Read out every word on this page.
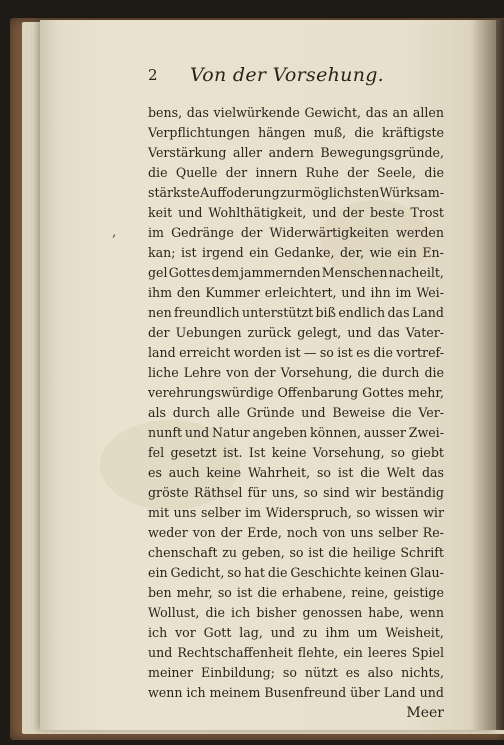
2 Von der Vorsehung.
,
bens, das vielwürkende Gewicht, das an allen
Verpflichtungen hängen muß, die kräftigste
Verstärkung aller andern Bewegungsgründe,
die Quelle der innern Ruhe der Seele, die
stärkste Auffoderung zur möglichsten Würksam-
keit und Wohlthätigkeit, und der beste Trost
im Gedränge der Widerwärtigkeiten werden
kan; ist irgend ein Gedanke, der, wie ein En-
gel Gottes dem jammernden Menschen nacheilt,
ihm den Kummer erleichtert, und ihn im Wei-
nen freundlich unterstützt biß endlich das Land
der Uebungen zurück gelegt, und das Vater-
land erreicht worden ist — so ist es die vortref-
liche Lehre von der Vorsehung, die durch die
verehrungswürdige Offenbarung Gottes mehr,
als durch alle Gründe und Beweise die Ver-
nunft und Natur angeben können, ausser Zwei-
fel gesetzt ist. Ist keine Vorsehung, so giebt
es auch keine Wahrheit, so ist die Welt das
gröste Räthsel für uns, so sind wir beständig
mit uns selber im Widerspruch, so wissen wir
weder von der Erde, noch von uns selber Re-
chenschaft zu geben, so ist die heilige Schrift
ein Gedicht, so hat die Geschichte keinen Glau-
ben mehr, so ist die erhabene, reine, geistige
Wollust, die ich bisher genossen habe, wenn
ich vor Gott lag, und zu ihm um Weisheit,
und Rechtschaffenheit flehte, ein leeres Spiel
meiner Einbildung; so nützt es also nichts,
wenn ich meinem Busenfreund über Land und
Meer
